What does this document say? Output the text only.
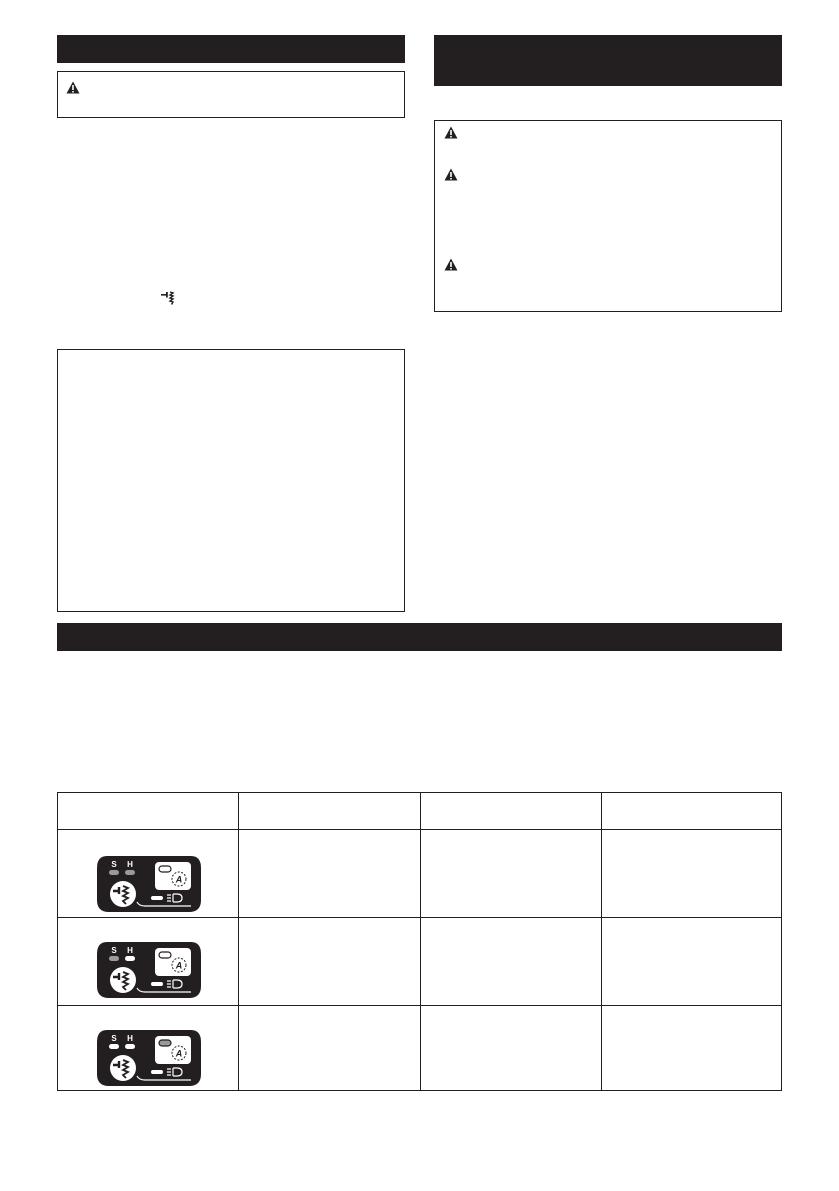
S H
A
S H
A
S H
A
